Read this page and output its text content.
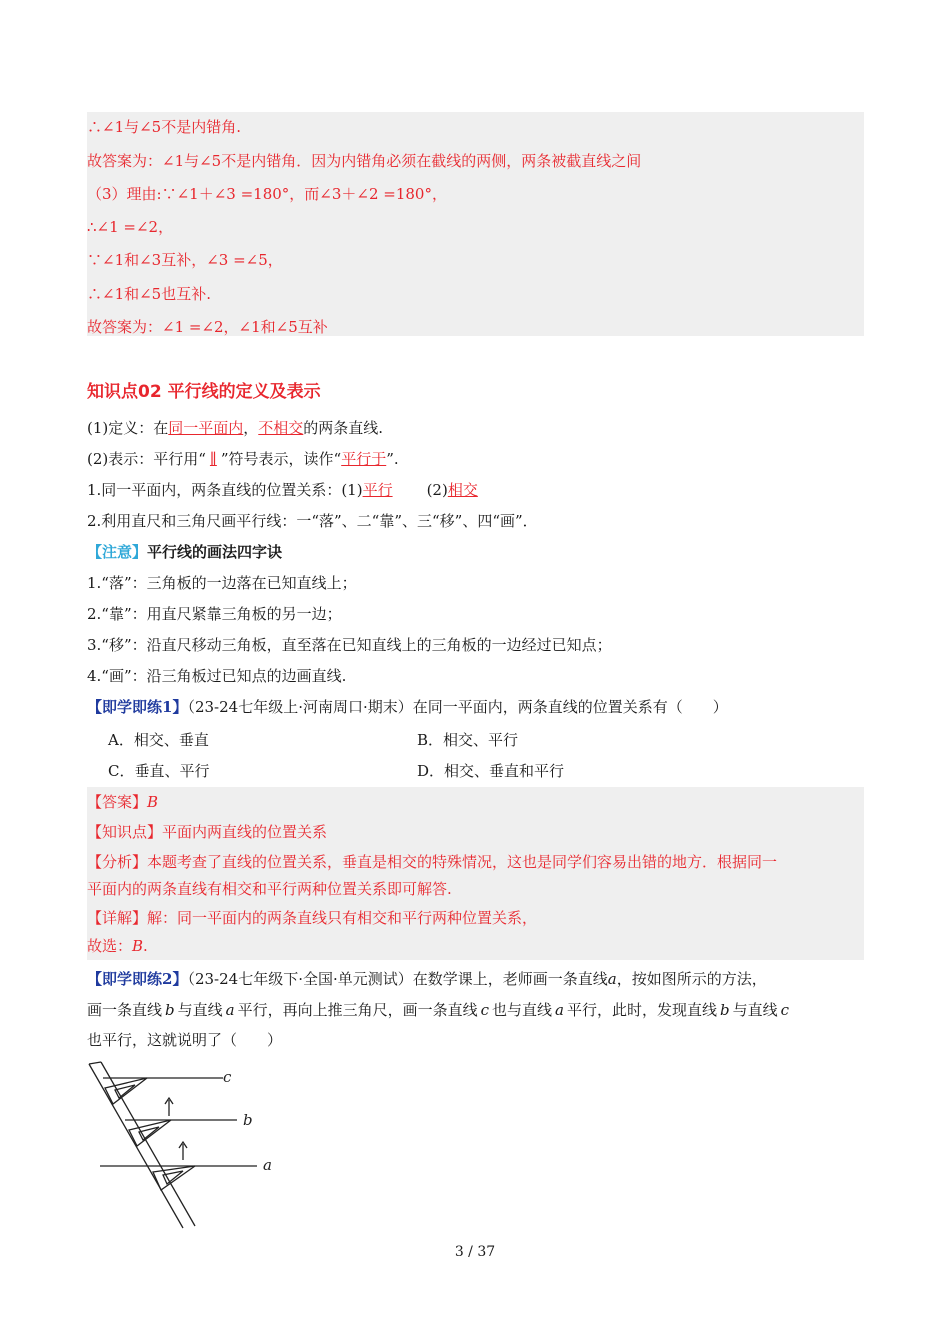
∴∠1与∠5不是内错角.
故答案为：∠1与∠5不是内错角．因为内错角必须在截线的两侧，两条被截直线之间
（3）理由:∵∠1＋∠3 =180°，而∠3＋∠2 =180°，
∴∠1 =∠2，
∵∠1和∠3互补，∠3 =∠5，
∴∠1和∠5也互补.
故答案为：∠1 =∠2，∠1和∠5互补
知识点02 平行线的定义及表示
(1)定义：在同一平面内，不相交的两条直线.
(2)表示：平行用“ ∥ ”符号表示，读作“平行于”.
1.同一平面内，两条直线的位置关系：(1)平行 (2)相交
2.利用直尺和三角尺画平行线：一“落”、二“靠”、三“移”、四“画”．
【注意】平行线的画法四字诀
1.“落”：三角板的一边落在已知直线上；
2.“靠”：用直尺紧靠三角板的另一边；
3.“移”：沿直尺移动三角板，直至落在已知直线上的三角板的一边经过已知点；
4.“画”：沿三角板过已知点的边画直线.
【即学即练1】（23-24七年级上·河南周口·期末）在同一平面内，两条直线的位置关系有（　　）
A．相交、垂直	B．相交、平行
C．垂直、平行	D．相交、垂直和平行
【答案】B
【知识点】平面内两直线的位置关系
【分析】本题考查了直线的位置关系，垂直是相交的特殊情况，这也是同学们容易出错的地方．根据同一
平面内的两条直线有相交和平行两种位置关系即可解答.
【详解】解：同一平面内的两条直线只有相交和平行两种位置关系，
故选：B.
【即学即练2】（23-24七年级下·全国·单元测试）在数学课上，老师画一条直线a，按如图所示的方法，
画一条直线 b 与直线 a 平行，再向上推三角尺，画一条直线 c 也与直线 a 平行，此时，发现直线 b 与直线 c
也平行，这就说明了（　　）
c
b
a
3 / 37
